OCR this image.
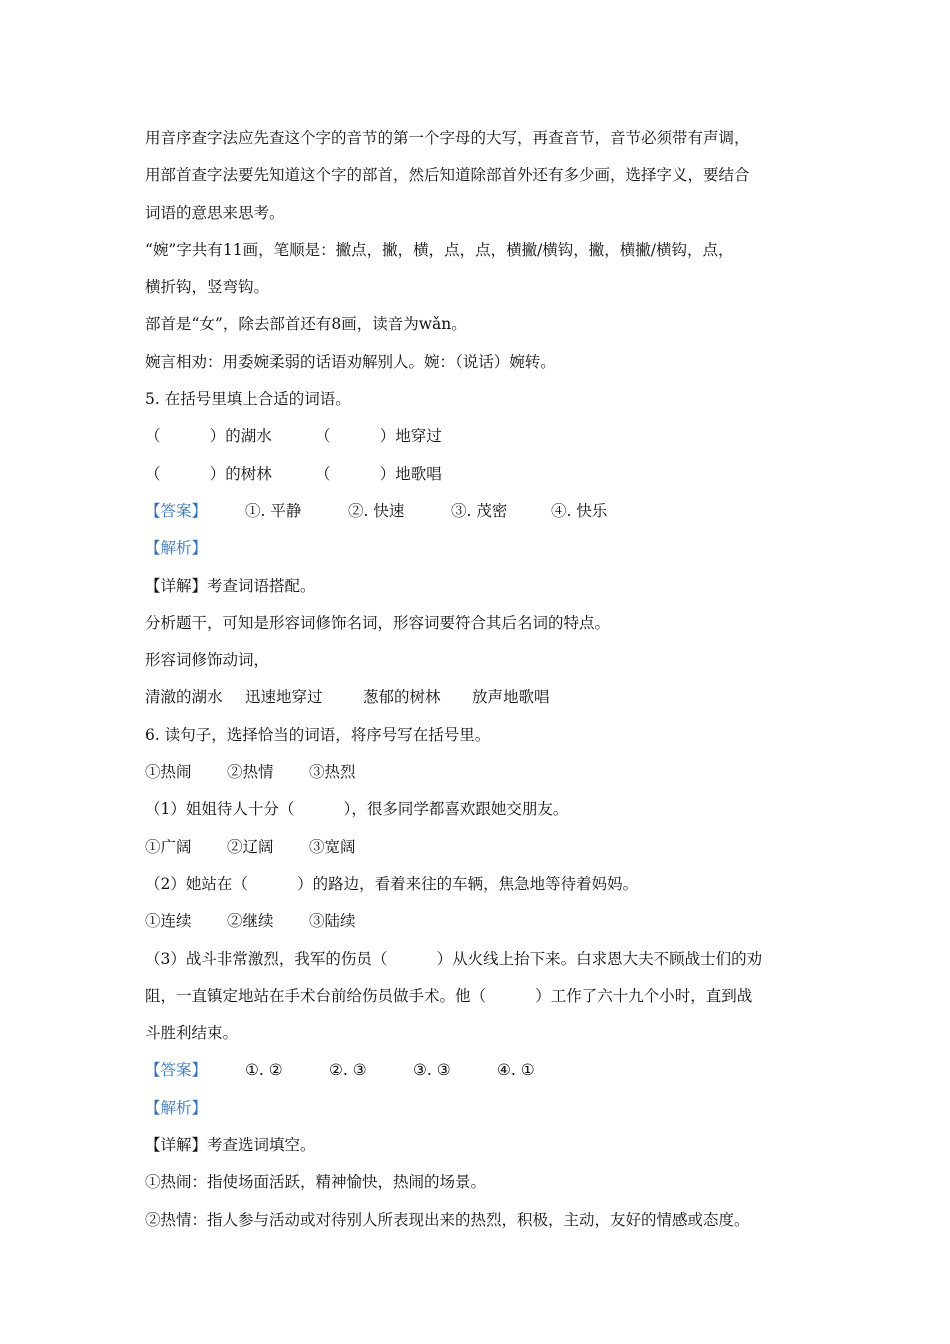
用音序查字法应先查这个字的音节的第一个字母的大写，再查音节，音节必须带有声调，
用部首查字法要先知道这个字的部首，然后知道除部首外还有多少画，选择字义，要结合
词语的意思来思考。
“婉”字共有11画，笔顺是：撇点，撇，横，点，点，横撇/横钩，撇，横撇/横钩，点，
横折钩，竖弯钩。
部首是“女”，除去部首还有8画，读音为wǎn。
婉言相劝：用委婉柔弱的话语劝解别人。婉：（说话）婉转。
5. 在括号里填上合适的词语。
（          ）的湖水	（          ）地穿过
（          ）的树林	（          ）地歌唱
【答案】 ①. 平静	②. 快速	③. 茂密	④. 快乐
【解析】
【详解】考查词语搭配。
分析题干，可知是形容词修饰名词，形容词要符合其后名词的特点。
形容词修饰动词，
清澈的湖水 迅速地穿过	葱郁的树林 放声地歌唱
6. 读句子，选择恰当的词语，将序号写在括号里。
①热闹 ②热情 ③热烈
（1）姐姐待人十分（          ），很多同学都喜欢跟她交朋友。
①广阔 ②辽阔 ③宽阔
（2）她站在（          ）的路边，看着来往的车辆，焦急地等待着妈妈。
①连续 ②继续 ③陆续
（3）战斗非常激烈，我军的伤员（          ）从火线上抬下来。白求恩大夫不顾战士们的劝
阻，一直镇定地站在手术台前给伤员做手术。他（          ）工作了六十九个小时，直到战
斗胜利结束。
【答案】 ①. ②	②. ③	③. ③	④. ①
【解析】
【详解】考查选词填空。
①热闹：指使场面活跃，精神愉快，热闹的场景。
②热情：指人参与活动或对待别人所表现出来的热烈，积极，主动，友好的情感或态度。
